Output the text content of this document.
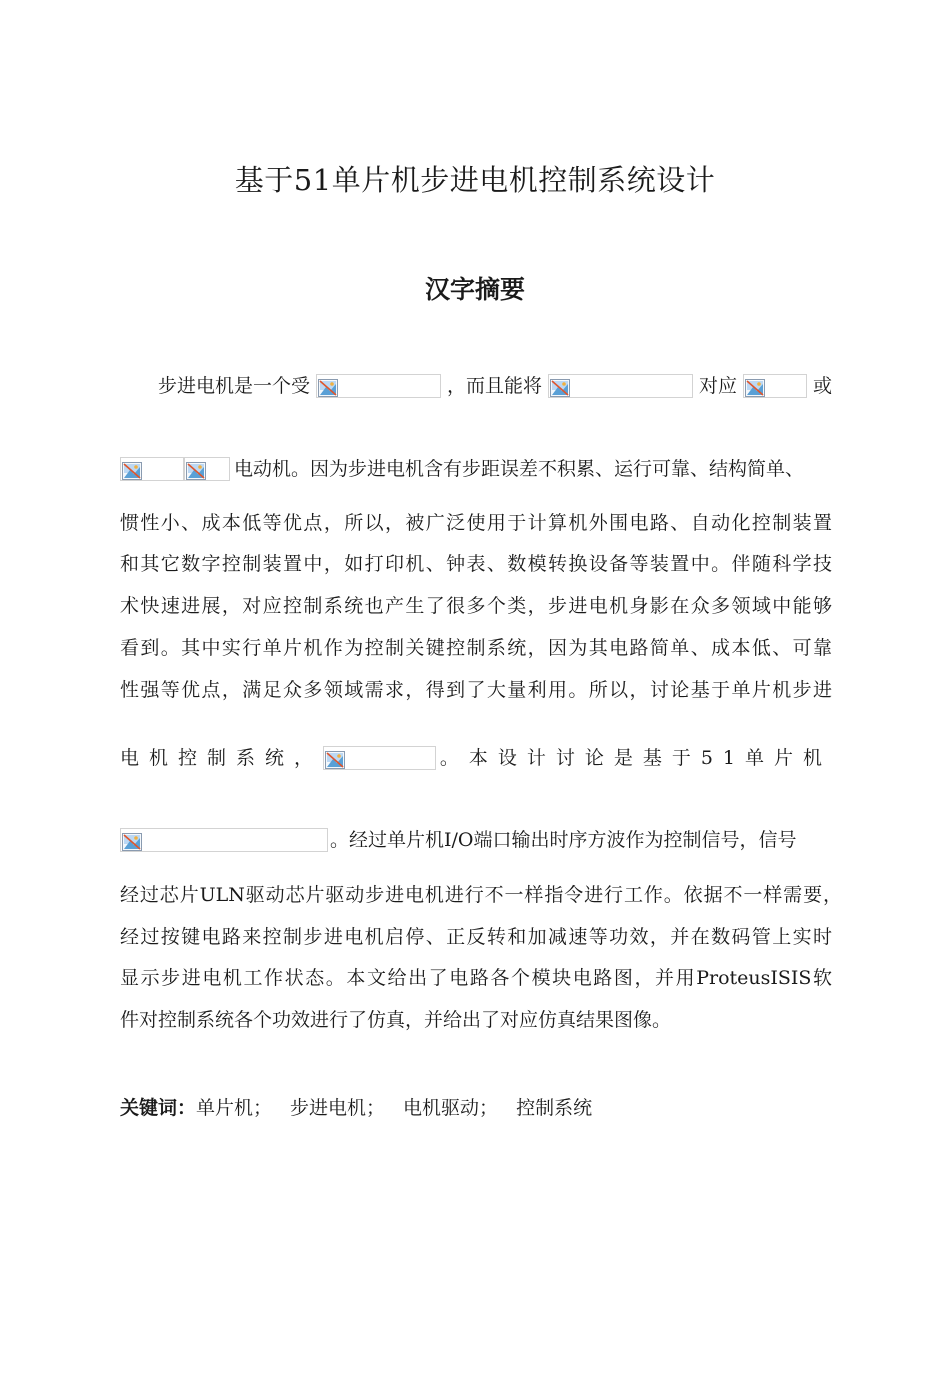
基于51单片机步进电机控制系统设计
汉字摘要
步进电机是一个受	，而且能将	对应	或
电动机。因为步进电机含有步距误差不积累、运行可靠、结构简单、
惯性小、成本低等优点，所以，被广泛使用于计算机外围电路、自动化控制装置
和其它数字控制装置中，如打印机、钟表、数模转换设备等装置中。伴随科学技
术快速进展，对应控制系统也产生了很多个类，步进电机身影在众多领域中能够
看到。其中实行单片机作为控制关键控制系统，因为其电路简单、成本低、可靠
性强等优点，满足众多领域需求，得到了大量利用。所以，讨论基于单片机步进
电机控制系统，	。本设计讨论是基于51单片机
。经过单片机I/O端口输出时序方波作为控制信号，信号
经过芯片ULN驱动芯片驱动步进电机进行不一样指令进行工作。依据不一样需要，
经过按键电路来控制步进电机启停、正反转和加减速等功效，并在数码管上实时
显示步进电机工作状态。本文给出了电路各个模块电路图，并用ProteusISIS软
件对控制系统各个功效进行了仿真，并给出了对应仿真结果图像。
关键词：单片机； 步进电机； 电机驱动； 控制系统
